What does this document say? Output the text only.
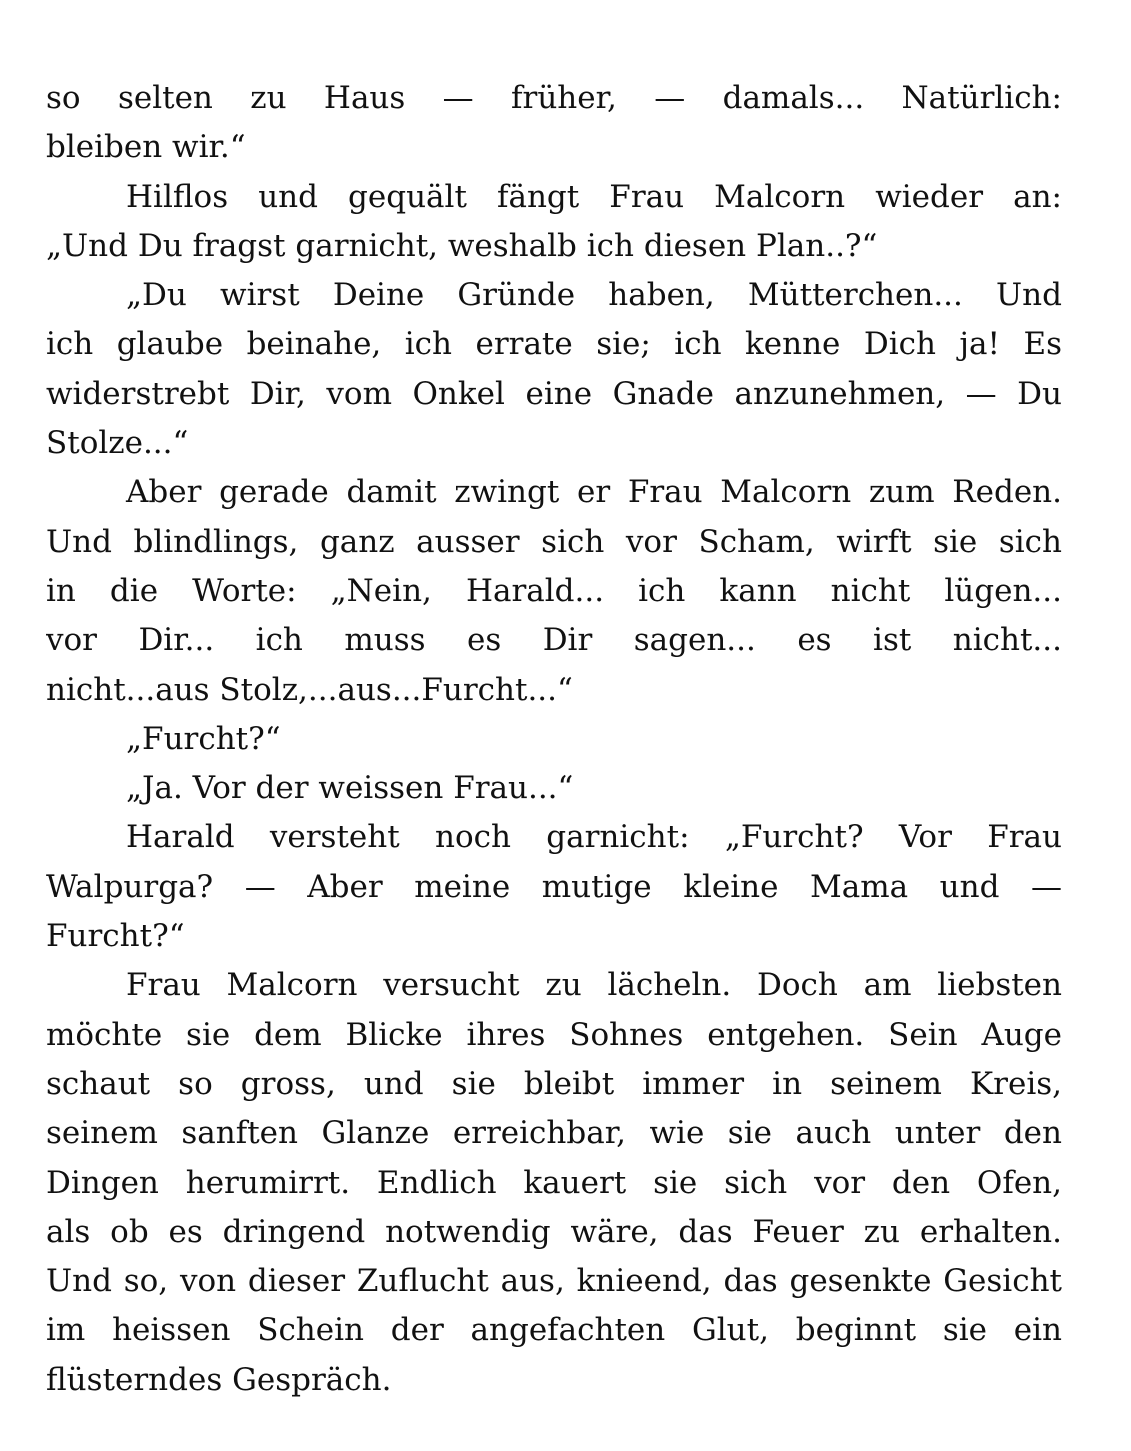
so selten zu Haus — früher, — damals... Natürlich:
bleiben wir.“
Hilflos und gequält fängt Frau Malcorn wieder an:
„Und Du fragst garnicht, weshalb ich diesen Plan..?“
„Du wirst Deine Gründe haben, Mütterchen... Und
ich glaube beinahe, ich errate sie; ich kenne Dich ja! Es
widerstrebt Dir, vom Onkel eine Gnade anzunehmen, — Du
Stolze...“
Aber gerade damit zwingt er Frau Malcorn zum Reden.
Und blindlings, ganz ausser sich vor Scham, wirft sie sich
in die Worte: „Nein, Harald... ich kann nicht lügen...
vor Dir... ich muss es Dir sagen... es ist nicht...
nicht...aus Stolz,...aus...Furcht...“
„Furcht?“
„Ja. Vor der weissen Frau...“
Harald versteht noch garnicht: „Furcht? Vor Frau
Walpurga? — Aber meine mutige kleine Mama und —
Furcht?“
Frau Malcorn versucht zu lächeln. Doch am liebsten
möchte sie dem Blicke ihres Sohnes entgehen. Sein Auge
schaut so gross, und sie bleibt immer in seinem Kreis,
seinem sanften Glanze erreichbar, wie sie auch unter den
Dingen herumirrt. Endlich kauert sie sich vor den Ofen,
als ob es dringend notwendig wäre, das Feuer zu erhalten.
Und so, von dieser Zuflucht aus, knieend, das gesenkte Gesicht
im heissen Schein der angefachten Glut, beginnt sie ein
flüsterndes Gespräch.
